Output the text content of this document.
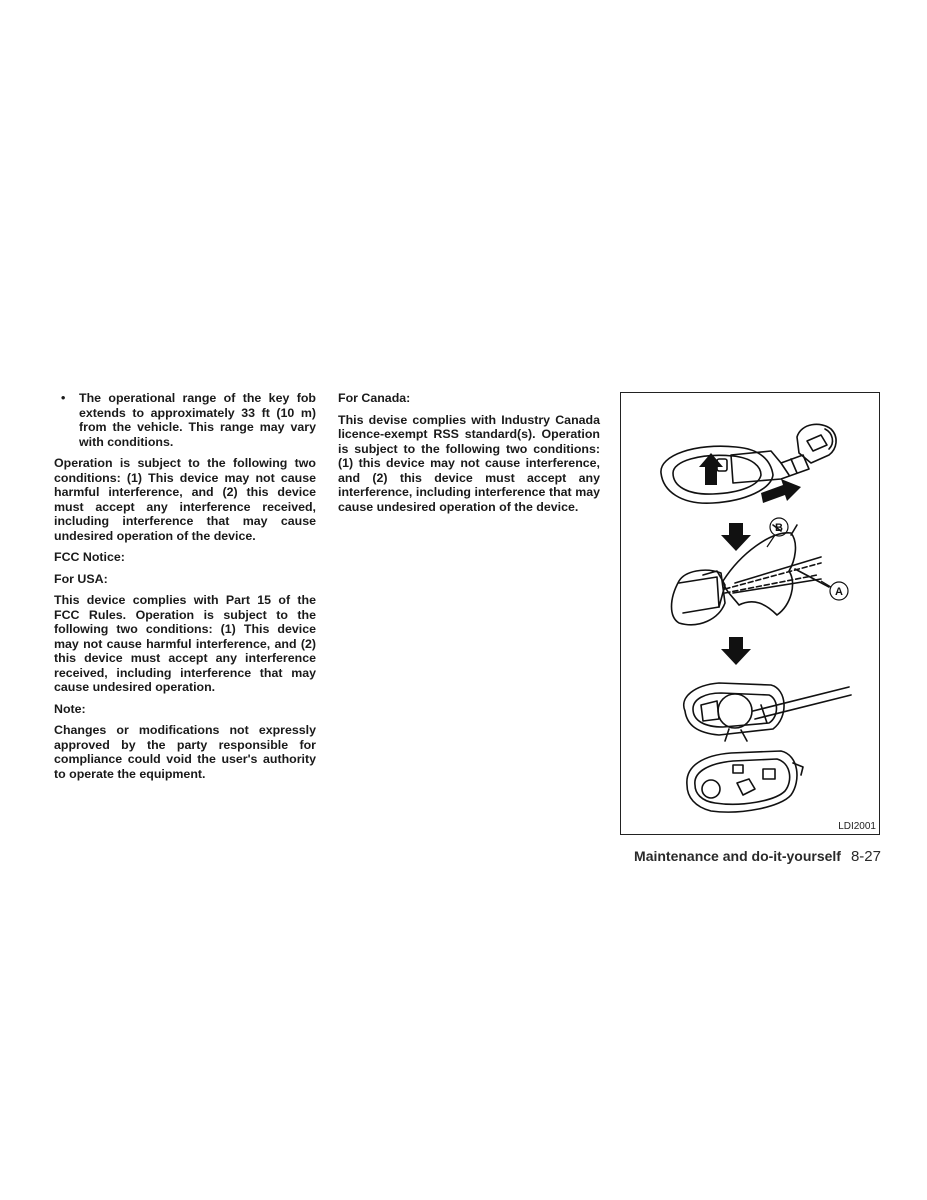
• The operational range of the key fob extends to approximately 33 ft (10 m) from the vehicle. This range may vary with conditions.

Operation is subject to the following two conditions: (1) This device may not cause harmful interference, and (2) this device must accept any interference received, including interference that may cause undesired operation of the device.

FCC Notice:

For USA:

This device complies with Part 15 of the FCC Rules. Operation is subject to the following two conditions: (1) This device may not cause harmful interference, and (2) this device must accept any interference received, including interference that may cause undesired operation.

Note:

Changes or modifications not expressly approved by the party responsible for compliance could void the user's authority to operate the equipment.

For Canada:

This devise complies with Industry Canada licence-exempt RSS standard(s). Operation is subject to the following two conditions: (1) this device may not cause interference, and (2) this device must accept any interference, including interference that may cause undesired operation of the device.

B
A
LDI2001
Maintenance and do-it-yourself 8-27
